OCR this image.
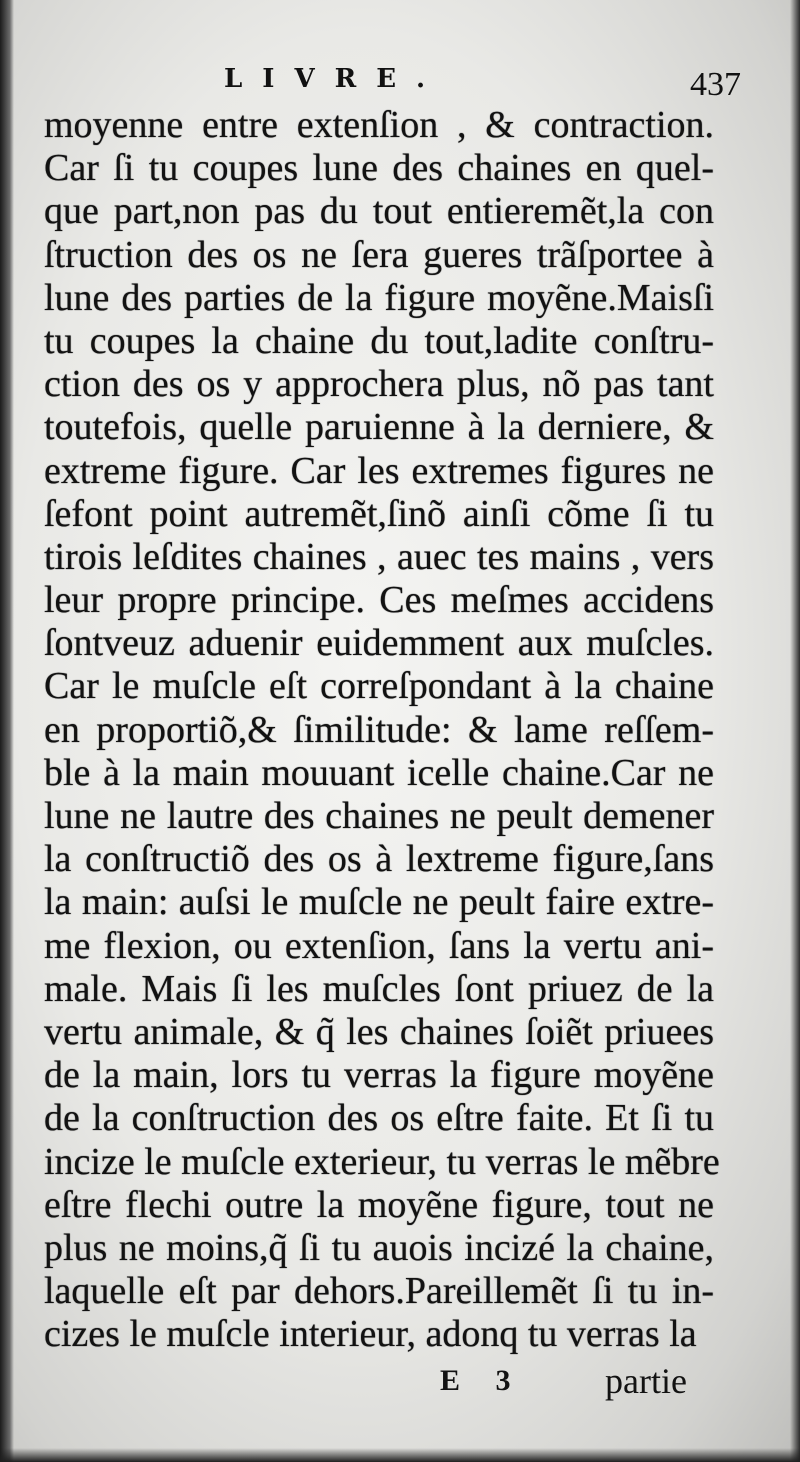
LIVRE.	437
moyenne entre extenſion , & contraction.
Car ſi tu coupes lune des chaines en quel-
que part,non pas du tout entieremẽt,la con
ſtruction des os ne ſera gueres trãſportee à
lune des parties de la figure moyẽne.Maisſi
tu coupes la chaine du tout,ladite conſtru-
ction des os y approchera plus, nõ pas tant
toutefois, quelle paruienne à la derniere, &
extreme figure. Car les extremes figures ne
ſefont point autremẽt,ſinõ ainſi cõme ſi tu
tirois leſdites chaines , auec tes mains , vers
leur propre principe. Ces meſmes accidens
ſontveuz aduenir euidemment aux muſcles.
Car le muſcle eſt correſpondant à la chaine
en proportiõ,& ſimilitude: & lame reſſem-
ble à la main mouuant icelle chaine.Car ne
lune ne lautre des chaines ne peult demener
la conſtructiõ des os à lextreme figure,ſans
la main: auſsi le muſcle ne peult faire extre-
me flexion, ou extenſion, ſans la vertu ani-
male. Mais ſi les muſcles ſont priuez de la
vertu animale, & q̃ les chaines ſoiẽt priuees
de la main, lors tu verras la figure moyẽne
de la conſtruction des os eſtre faite. Et ſi tu
incize le muſcle exterieur, tu verras le mẽbre
eſtre flechi outre la moyẽne figure, tout ne
plus ne moins,q̃ ſi tu auois incizé la chaine,
laquelle eſt par dehors.Pareillemẽt ſi tu in-
cizes le muſcle interieur, adonq tu verras la
E 3 partie
